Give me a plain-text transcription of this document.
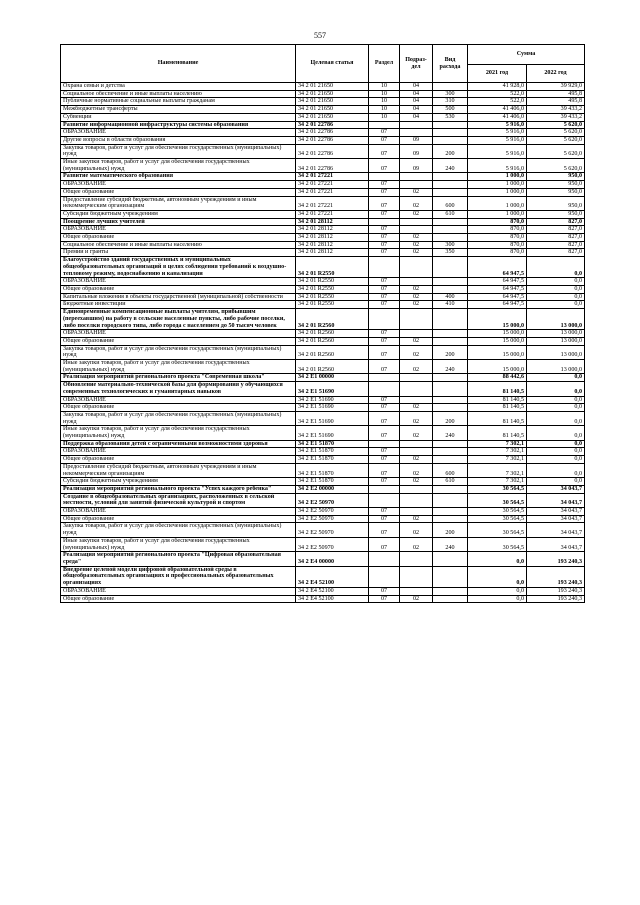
557
Наименование	Целевая статья	Раздел	Подраз-дел	Вид расхода	Сумма	
					2021 год	2022 год
Охрана семьи и детства	34 2 01 21650	10	04		41 928,0	39 929,0
Социальное обеспечение и иные выплаты населению	34 2 01 21650	10	04	300	522,0	495,8
Публичные нормативные социальные выплаты гражданам	34 2 01 21650	10	04	310	522,0	495,8
Межбюджетные трансферты	34 2 01 21650	10	04	500	41 406,0	39 433,2
Субвенции	34 2 01 21650	10	04	530	41 406,0	39 433,2
Развитие информационной инфраструктуры системы образования	34 2 01 22786				5 916,0	5 620,0
ОБРАЗОВАНИЕ	34 2 01 22786	07			5 916,0	5 620,0
Другие вопросы в области образования	34 2 01 22786	07	09		5 916,0	5 620,0
Закупка товаров, работ и услуг для обеспечения государственных (муниципальных) нужд	34 2 01 22786	07	09	200	5 916,0	5 620,0
Иные закупки товаров, работ и услуг для обеспечения государственных (муниципальных) нужд	34 2 01 22786	07	09	240	5 916,0	5 620,0
Развитие математического образования	34 2 01 27221				1 000,0	950,0
ОБРАЗОВАНИЕ	34 2 01 27221	07			1 000,0	950,0
Общее образование	34 2 01 27221	07	02		1 000,0	950,0
Предоставление субсидий бюджетным, автономным учреждениям и иным некоммерческим организациям	34 2 01 27221	07	02	600	1 000,0	950,0
Субсидии бюджетным учреждениям	34 2 01 27221	07	02	610	1 000,0	950,0
Поощрение лучших учителей	34 2 01 28112				870,0	827,0
ОБРАЗОВАНИЕ	34 2 01 28112	07			870,0	827,0
Общее образование	34 2 01 28112	07	02		870,0	827,0
Социальное обеспечение и иные выплаты населению	34 2 01 28112	07	02	300	870,0	827,0
Премии и гранты	34 2 01 28112	07	02	350	870,0	827,0
Благоустройство зданий государственных и муниципальных общеобразовательных организаций в целях соблюдения требований к воздушно-тепловому режиму, водоснабжению и канализации	34 2 01 R2550				64 947,5	0,0
ОБРАЗОВАНИЕ	34 2 01 R2550	07			64 947,5	0,0
Общее образование	34 2 01 R2550	07	02		64 947,5	0,0
Капитальные вложения в объекты государственной (муниципальной) собственности	34 2 01 R2550	07	02	400	64 947,5	0,0
Бюджетные инвестиции	34 2 01 R2550	07	02	410	64 947,5	0,0
Единовременные компенсационные выплаты учителям, прибывшим (переехавшим) на работу в сельские населенные пункты, либо рабочие поселки, либо поселки городского типа, либо города с населением до 50 тысяч человек	34 2 01 R2560				15 000,0	13 000,0
ОБРАЗОВАНИЕ	34 2 01 R2560	07			15 000,0	13 000,0
Общее образование	34 2 01 R2560	07	02		15 000,0	13 000,0
Закупка товаров, работ и услуг для обеспечения государственных (муниципальных) нужд	34 2 01 R2560	07	02	200	15 000,0	13 000,0
Иные закупки товаров, работ и услуг для обеспечения государственных (муниципальных) нужд	34 2 01 R2560	07	02	240	15 000,0	13 000,0
Реализация мероприятий регионального проекта "Современная школа"	34 2 E1 00000				88 442,6	0,0
Обновление материально-технической базы для формирования у обучающихся современных технологических и гуманитарных навыков	34 2 E1 51690				81 140,5	0,0
ОБРАЗОВАНИЕ	34 2 E1 51690	07			81 140,5	0,0
Общее образование	34 2 E1 51690	07	02		81 140,5	0,0
Закупка товаров, работ и услуг для обеспечения государственных (муниципальных) нужд	34 2 E1 51690	07	02	200	81 140,5	0,0
Иные закупки товаров, работ и услуг для обеспечения государственных (муниципальных) нужд	34 2 E1 51690	07	02	240	81 140,5	0,0
Поддержка образования детей с ограниченными возможностями здоровья	34 2 E1 51870				7 302,1	0,0
ОБРАЗОВАНИЕ	34 2 E1 51870	07			7 302,1	0,0
Общее образование	34 2 E1 51870	07	02		7 302,1	0,0
Предоставление субсидий бюджетным, автономным учреждениям и иным некоммерческим организациям	34 2 E1 51870	07	02	600	7 302,1	0,0
Субсидии бюджетным учреждениям	34 2 E1 51870	07	02	610	7 302,1	0,0
Реализация мероприятий регионального проекта "Успех каждого ребенка"	34 2 E2 00000				30 564,5	34 043,7
Создание в общеобразовательных организациях, расположенных в сельской местности, условий для занятий физической культурой и спортом	34 2 E2 50970				30 564,5	34 043,7
ОБРАЗОВАНИЕ	34 2 E2 50970	07			30 564,5	34 043,7
Общее образование	34 2 E2 50970	07	02		30 564,5	34 043,7
Закупка товаров, работ и услуг для обеспечения государственных (муниципальных) нужд	34 2 E2 50970	07	02	200	30 564,5	34 043,7
Иные закупки товаров, работ и услуг для обеспечения государственных (муниципальных) нужд	34 2 E2 50970	07	02	240	30 564,5	34 043,7
Реализация мероприятий регионального проекта "Цифровая образовательная среда"	34 2 E4 00000				0,0	193 240,3
Внедрение целевой модели цифровой образовательной среды в общеобразовательных организациях и профессиональных образовательных организациях	34 2 E4 52100				0,0	193 240,3
ОБРАЗОВАНИЕ	34 2 E4 52100	07			0,0	193 240,3
Общее образование	34 2 E4 52100	07	02		0,0	193 240,3
